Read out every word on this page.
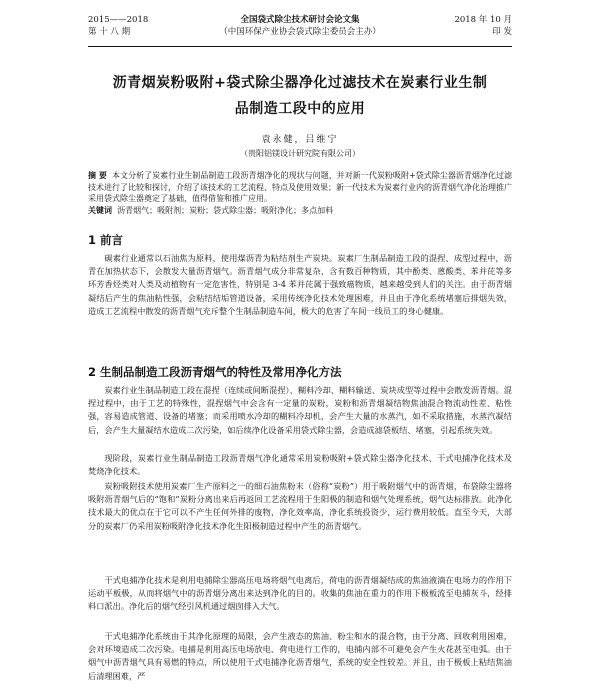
2015——2018
第 十 八 期
全国袋式除尘技术研讨会论文集
（中国环保产业协会袋式除尘委员会主办）
2018 年 10 月
印 发
沥青烟炭粉吸附+袋式除尘器净化过滤技术在炭素行业生制
品制造工段中的应用
袁永健，吕维宁
（贵阳铝镁设计研究院有限公司）
摘 要 本文分析了炭素行业生制品制造工段沥青烟净化的现状与问题，并对新一代炭粉吸附+袋式除尘器沥青烟净化过滤技术进行了比较和探讨，介绍了该技术的工艺流程、特点及使用效果；新一代技术为炭素行业内的沥青烟气净化治理推广采用袋式除尘器奠定了基础，值得借鉴和推广应用。
关键词 沥青烟气；吸附剂；炭粉；袋式除尘器；吸附净化；多点加料
1 前言
碳素行业通常以石油焦为原料，使用煤沥青为粘结剂生产炭块。炭素厂生制品制造工段的混捏、成型过程中，沥青在加热状态下，会散发大量沥青烟气。沥青烟气成分非常复杂，含有数百种物质，其中酚类、蒽酸类、苯并芘等多环芳香烃类对人类及动植物有一定危害性，特别是 3-4 苯并芘属于强致癌物质，越来越受到人们的关注。由于沥青烟凝结后产生的焦油粘性强，会粘结结垢管道设备，采用传统净化技术处理困难，并且由于净化系统堵塞后排烟失效，造成工艺流程中散发的沥青烟气充斥整个生制品制造车间，极大的危害了车间一线员工的身心健康。
2 生制品制造工段沥青烟气的特性及常用净化方法
炭素行业生制品制造工段在混捏（连续或间断混捏）、糊料冷却、糊料输送、炭块成型等过程中会散发沥青烟。混捏过程中，由于工艺的特殊性，混捏烟气中会含有一定量的炭粉，炭粉和沥青烟凝结物焦油混合物流动性差、粘性强，容易造成管道、设备的堵塞；而采用喷水冷却的糊料冷却机，会产生大量的水蒸汽，如不采取措施，水蒸汽凝结后，会产生大量凝结水造成二次污染，如后续净化设备采用袋式除尘器，会造成滤袋板结、堵塞，引起系统失效。
现阶段，炭素行业生制品制造工段沥青烟气净化通常采用炭粉吸附+袋式除尘器净化技术、干式电捕净化技术及焚烧净化技术。
炭粉吸附技术使用炭素厂生产原料之一的细石油焦粉末（俗称“炭粉”）用于吸附烟气中的沥青烟，布袋除尘器将吸附沥青烟气后的“饱和”炭粉分离出来后再返回工艺流程用于生阳极的制造和烟气处理系统，烟气达标排放。此净化技术最大的优点在于它可以不产生任何外排的废物，净化效率高，净化系统投资少，运行费用较低。直至今天，大部分的炭素厂仍采用炭粉吸附净化技术净化生阳极制造过程中产生的沥青烟气。
干式电捕净化技术是利用电捕除尘器高压电场将烟气电离后，荷电的沥青烟凝结成的焦油液滴在电场力的作用下运动平板极，从而将烟气中的沥青烟分离出来达到净化的目的。收集的焦油在重力的作用下极板流至电捕灰斗，经排料口派出。净化后的烟气经引风机通过烟囱排入大气。
干式电捕净化系统由于其净化原理的局限，会产生液态的焦油、粉尘和水的混合物，由于分离、回收利用困难，会对环境造成二次污染。电捕是利用高压电场放电、荷电进行工作的，电捕内部不可避免会产生火花甚至电弧。由于烟气中沥青烟气具有易燃的特点，所以使用干式电捕净化沥青烟气，系统的安全性较差。并且，由于极板上粘结焦油后清理困难，严
